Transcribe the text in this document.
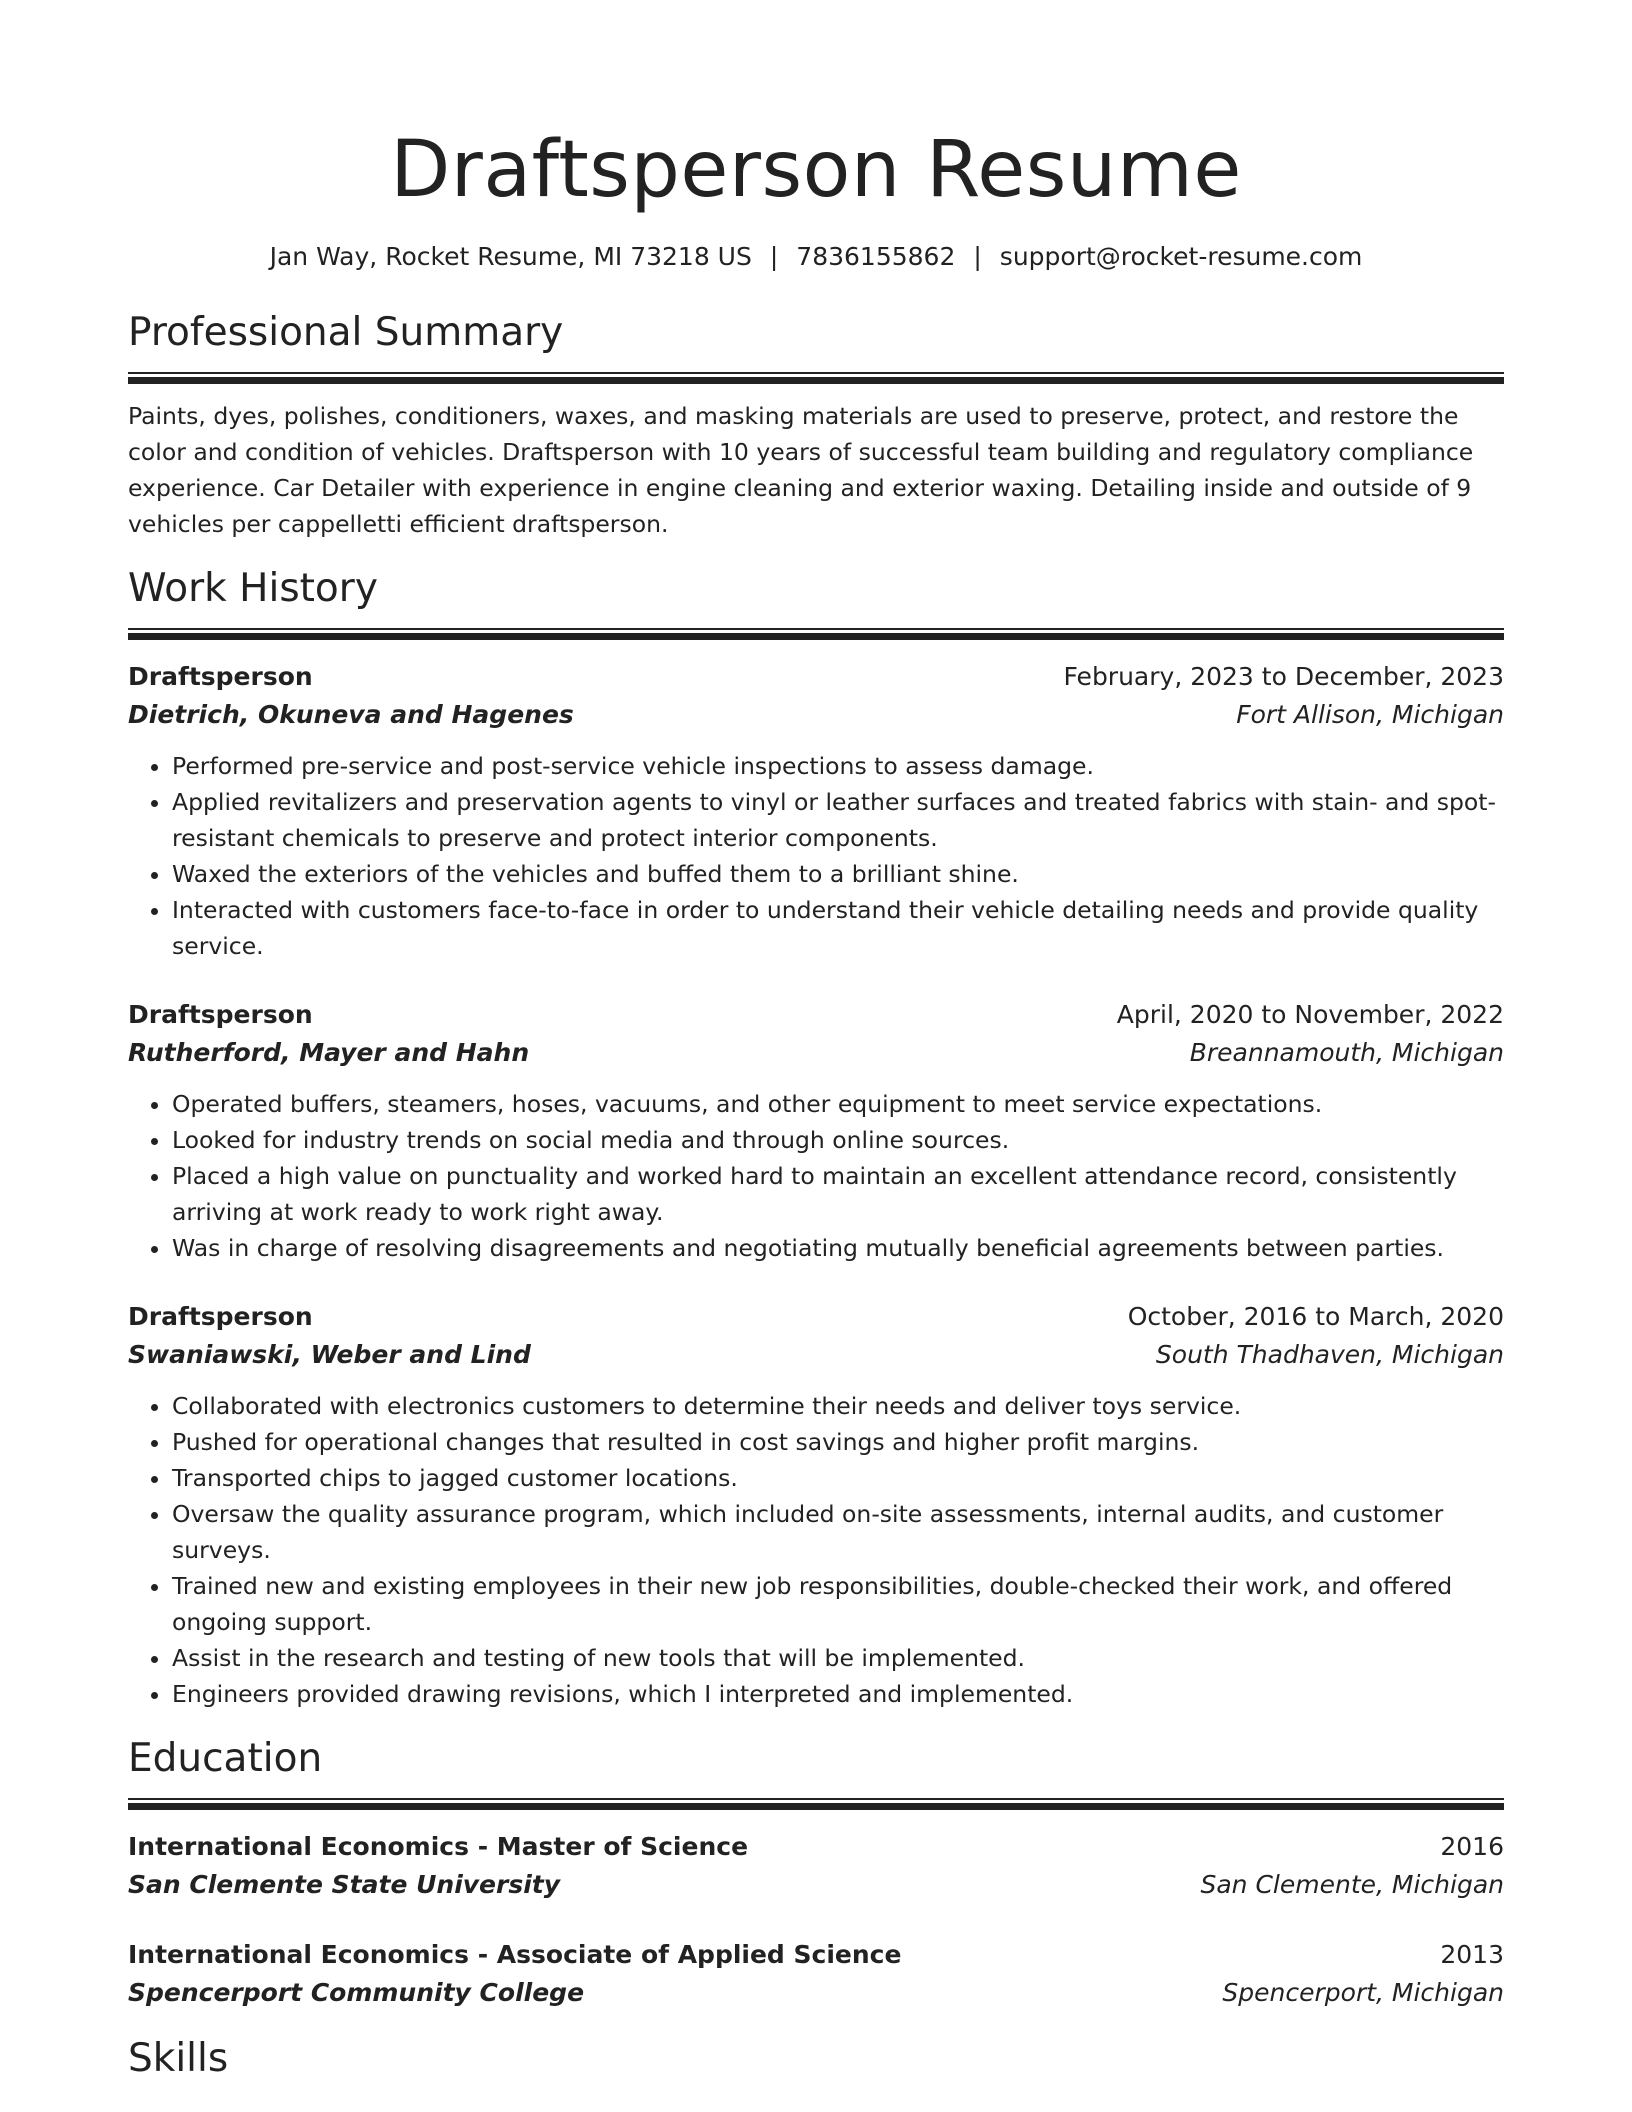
Draftsperson Resume
Jan Way, Rocket Resume, MI 73218 US | 7836155862 | support@rocket-resume.com
Professional Summary
Paints, dyes, polishes, conditioners, waxes, and masking materials are used to preserve, protect, and restore the color and condition of vehicles. Draftsperson with 10 years of successful team building and regulatory compliance experience. Car Detailer with experience in engine cleaning and exterior waxing. Detailing inside and outside of 9 vehicles per cappelletti efficient draftsperson.
Work History
Draftsperson	February, 2023 to December, 2023
Dietrich, Okuneva and Hagenes	Fort Allison, Michigan
• Performed pre-service and post-service vehicle inspections to assess damage.
• Applied revitalizers and preservation agents to vinyl or leather surfaces and treated fabrics with stain- and spot-resistant chemicals to preserve and protect interior components.
• Waxed the exteriors of the vehicles and buffed them to a brilliant shine.
• Interacted with customers face-to-face in order to understand their vehicle detailing needs and provide quality service.
Draftsperson	April, 2020 to November, 2022
Rutherford, Mayer and Hahn	Breannamouth, Michigan
• Operated buffers, steamers, hoses, vacuums, and other equipment to meet service expectations.
• Looked for industry trends on social media and through online sources.
• Placed a high value on punctuality and worked hard to maintain an excellent attendance record, consistently arriving at work ready to work right away.
• Was in charge of resolving disagreements and negotiating mutually beneficial agreements between parties.
Draftsperson	October, 2016 to March, 2020
Swaniawski, Weber and Lind	South Thadhaven, Michigan
• Collaborated with electronics customers to determine their needs and deliver toys service.
• Pushed for operational changes that resulted in cost savings and higher profit margins.
• Transported chips to jagged customer locations.
• Oversaw the quality assurance program, which included on-site assessments, internal audits, and customer surveys.
• Trained new and existing employees in their new job responsibilities, double-checked their work, and offered ongoing support.
• Assist in the research and testing of new tools that will be implemented.
• Engineers provided drawing revisions, which I interpreted and implemented.
Education
International Economics - Master of Science	2016
San Clemente State University	San Clemente, Michigan
International Economics - Associate of Applied Science	2013
Spencerport Community College	Spencerport, Michigan
Skills
